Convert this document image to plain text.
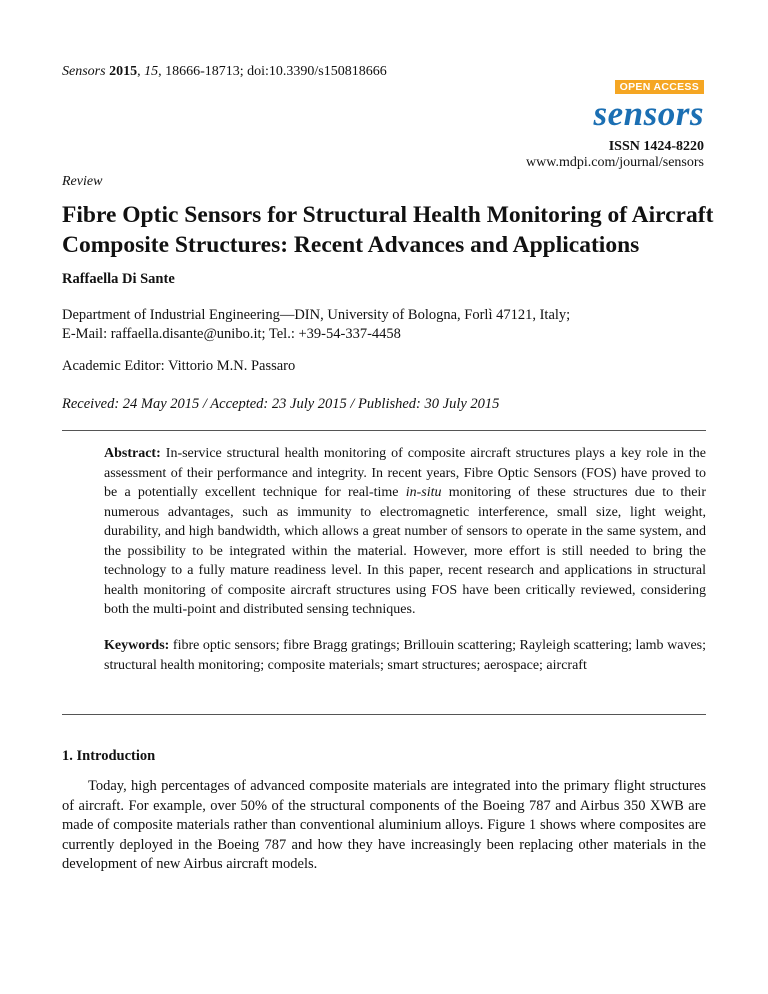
Sensors 2015, 15, 18666-18713; doi:10.3390/s150818666
OPEN ACCESS
sensors
ISSN 1424-8220
www.mdpi.com/journal/sensors
Review
Fibre Optic Sensors for Structural Health Monitoring of Aircraft Composite Structures: Recent Advances and Applications
Raffaella Di Sante
Department of Industrial Engineering—DIN, University of Bologna, Forlì 47121, Italy;
E-Mail: raffaella.disante@unibo.it; Tel.: +39-54-337-4458
Academic Editor: Vittorio M.N. Passaro
Received: 24 May 2015 / Accepted: 23 July 2015 / Published: 30 July 2015
Abstract: In-service structural health monitoring of composite aircraft structures plays a key role in the assessment of their performance and integrity. In recent years, Fibre Optic Sensors (FOS) have proved to be a potentially excellent technique for real-time in-situ monitoring of these structures due to their numerous advantages, such as immunity to electromagnetic interference, small size, light weight, durability, and high bandwidth, which allows a great number of sensors to operate in the same system, and the possibility to be integrated within the material. However, more effort is still needed to bring the technology to a fully mature readiness level. In this paper, recent research and applications in structural health monitoring of composite aircraft structures using FOS have been critically reviewed, considering both the multi-point and distributed sensing techniques.
Keywords: fibre optic sensors; fibre Bragg gratings; Brillouin scattering; Rayleigh scattering; lamb waves; structural health monitoring; composite materials; smart structures; aerospace; aircraft
1. Introduction
Today, high percentages of advanced composite materials are integrated into the primary flight structures of aircraft. For example, over 50% of the structural components of the Boeing 787 and Airbus 350 XWB are made of composite materials rather than conventional aluminium alloys. Figure 1 shows where composites are currently deployed in the Boeing 787 and how they have increasingly been replacing other materials in the development of new Airbus aircraft models.
